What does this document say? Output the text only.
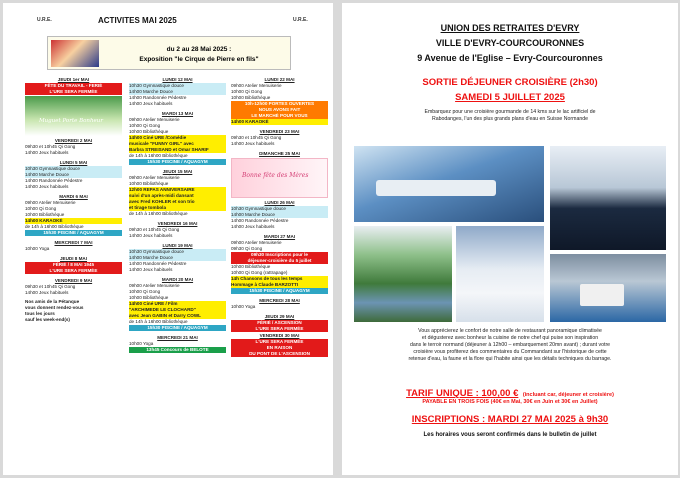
U.R.E.	ACTIVITES MAI 2025	U.R.E.
du 2 au 28 Mai 2025 :
Exposition "le Cirque de Pierre en fils"
JEUDI 1er MAI
FÊTE DU TRAVAIL - FERIÉ
L'URE SERA FERMÉE
Muguet Porte Bonheur
VENDREDI 2 MAI
09h30 et 10h45 Qi Gong
14h00 Jeux habituels
LUNDI 5 MAI
10h30 Gymnastique douce
14h00 Marche Douce
14h00 Randonnée Pédestre
14h00 Jeux habituels
MARDI 6 MAI
09h00 Atelier Menuiserie
10h00 Qi Gong
10h00 Bibliothèque
14h00 KARAOKÉ
de 14h à 16h00 Bibliothèque
15h30 PISCINE / AQUAGYM
MERCREDI 7 MAI
10h00 Yoga
JEUDI 8 MAI
FÉRIÉ / 8 MAI 1945
L'URE SERA FERMÉE
VENDREDI 9 MAI
09h30 et 10h45 Qi Gong
14h00 Jeux habituels
Nos amis de la Pétanque
vous donnent rendez-vous
tous les jours
sauf les week-end(s)
LUNDI 12 MAI
10h30 Gymnastique douce
14h00 Marche Douce
14h00 Randonnée Pédestre
14h00 Jeux habituels
MARDI 13 MAI
09h00 Atelier Menuiserie
10h00 Qi Gong
10h00 Bibliothèque
14h00 Ciné URE /Comédie
musicale "FUNNY GIRL" avec
Barbra STREISAND et Omar SHARIF
de 14h à 16h00 Bibliothèque
15h30 PISCINE / AQUAGYM
JEUDI 15 MAI
09h00 Atelier Menuiserie
10h00 Bibliothèque
12h00 REPAS ANNIVERSAIRE
suivi d'un après-midi dansant
avec Fred KOHLER et son trio
et tirage tombola
de 14h à 16h00 Bibliothèque
VENDREDI 16 MAI
09h30 et 10h45 Qi Gong
14h00 Jeux habituels
LUNDI 19 MAI
10h30 Gymnastique douce
14h00 Marche Douce
14h00 Randonnée Pédestre
14h00 Jeux habituels
MARDI 20 MAI
09h00 Atelier Menuiserie
10h00 Qi Gong
10h00 Bibliothèque
14h00 Ciné URE / Film
"ARCHIMEDE LE CLOCHARD"
avec Jean GABIN et Darry COWL
de 14h à 16h00 Bibliothèque
15h30 PISCINE / AQUAGYM
MERCREDI 21 MAI
10h00 Yoga
13h45 Concours de BELOTE
LUNDI 22 MAI
09h00 Atelier Menuiserie
10h00 Qi Gong
10h00 Bibliothèque
10h-12h00 PORTES OUVERTES
NOUS AVONS FAIT
LE MARCHÉ POUR VOUS
14h00 KARAOKÉ
VENDREDI 23 MAI
09h30 et 10h45 Qi Gong
14h00 Jeux habituels
DIMANCHE 25 MAI
Bonne fête des Mères
LUNDI 26 MAI
10h30 Gymnastique douce
14h00 Marche Douce
14h00 Randonnée Pédestre
14h00 Jeux habituels
MARDI 27 MAI
09h00 Atelier Menuiserie
09h30 Qi Gong
09h30 Inscriptions pour le
déjeuner-croisière du 5 juillet
10h00 Bibliothèque
10h00 Qi Gong (rattrapage)
14h Chansons de tous les temps
Hommage à Claude BARZOTTI
15h30 PISCINE / AQUAGYM
MERCREDI 28 MAI
10h00 Yoga
JEUDI 29 MAI
FÉRIÉ / ASCENSION
L'URE SERA FERMÉE
VENDREDI 30 MAI
L'URE SERA FERMÉE
EN RAISON
DU PONT DE L'ASCENSION
UNION DES RETRAITES D'EVRY
VILLE D'EVRY-COURCOURONNES
9 Avenue de l'Eglise – Evry-Courcouronnes
SORTIE DÉJEUNER CROISIÈRE (2h30)
SAMEDI 5 JUILLET 2025
Embarquez pour une croisière gourmande de 14 kms sur le lac artificiel de
Rabodanges, l'un des plus grands plans d'eau en Suisse Normande
Vous apprécierez le confort de notre salle de restaurant panoramique climatisée
et dégusterez avec bonheur la cuisine de notre chef qui puise son inspiration
dans le terroir normand (déjeuner à 12h00 – embarquement 20mn avant) ; durant votre
croisière vous profiterez des commentaires du Commandant sur l'historique de cette
retenue d'eau, la faune et la flore qui l'habite ainsi que les détails techniques du barrage.
TARIF UNIQUE : 100,00 € (incluant car, déjeuner et croisière)
PAYABLE EN TROIS FOIS (40€ en Mai, 30€ en Juin et 30€ en Juillet)
INSCRIPTIONS : MARDI 27 MAI 2025 à 9h30
Les horaires vous seront confirmés dans le bulletin de juillet
